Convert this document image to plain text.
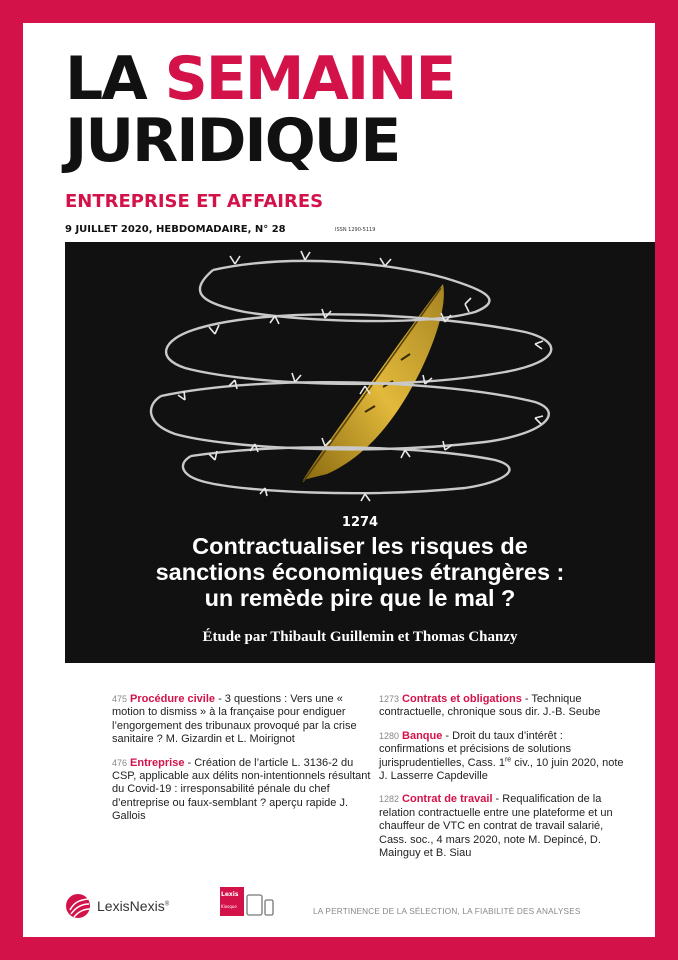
LA SEMAINE
JURIDIQUE
ENTREPRISE ET AFFAIRES
9 JUILLET 2020, HEBDOMADAIRE, N° 28	ISSN 1290-5119
1274
Contractualiser les risques de
sanctions économiques étrangères :
un remède pire que le mal ?
Étude par Thibault Guillemin et Thomas Chanzy

475 Procédure civile - 3 questions : Vers une « motion to dismiss » à la française pour endiguer l’engorgement des tribunaux provoqué par la crise sanitaire ? M. Gizardin et L. Moirignot

476 Entreprise - Création de l’article L. 3136-2 du CSP, applicable aux délits non-intentionnels résultant du Covid-19 : irresponsabilité pénale du chef d’entreprise ou faux-semblant ? aperçu rapide J. Gallois

1273 Contrats et obligations - Technique contractuelle, chronique sous dir. J.-B. Seube

1280 Banque - Droit du taux d’intérêt : confirmations et précisions de solutions jurisprudentielles, Cass. 1re civ., 10 juin 2020, note J. Lasserre Capdeville

1282 Contrat de travail - Requalification de la relation contractuelle entre une plateforme et un chauffeur de VTC en contrat de travail salarié, Cass. soc., 4 mars 2020, note M. Depincé, D. Mainguy et B. Siau

LexisNexis®
Lexis
Kiosque
LA PERTINENCE DE LA SÉLECTION, LA FIABILITÉ DES ANALYSES
